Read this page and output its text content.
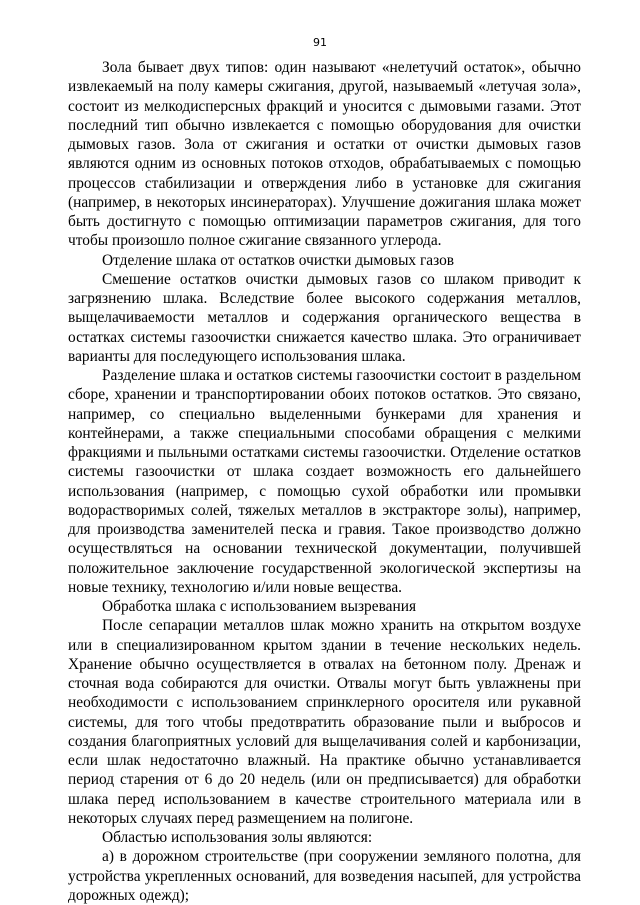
91

Зола бывает двух типов: один называют «нелетучий остаток», обычно извлекаемый на полу камеры сжигания, другой, называемый «летучая зола», состоит из мелкодисперсных фракций и уносится с дымовыми газами. Этот последний тип обычно извлекается с помощью оборудования для очистки дымовых газов. Зола от сжигания и остатки от очистки дымовых газов являются одним из основных потоков отходов, обрабатываемых с помощью процессов стабилизации и отверждения либо в установке для сжигания (например, в некоторых инсинераторах). Улучшение дожигания шлака может быть достигнуто с помощью оптимизации параметров сжигания, для того чтобы произошло полное сжигание связанного углерода.

Отделение шлака от остатков очистки дымовых газов

Смешение остатков очистки дымовых газов со шлаком приводит к загрязнению шлака. Вследствие более высокого содержания металлов, выщелачиваемости металлов и содержания органического вещества в остатках системы газоочистки снижается качество шлака. Это ограничивает варианты для последующего использования шлака.

Разделение шлака и остатков системы газоочистки состоит в раздельном сборе, хранении и транспортировании обоих потоков остатков. Это связано, например, со специально выделенными бункерами для хранения и контейнерами, а также специальными способами обращения с мелкими фракциями и пыльными остатками системы газоочистки. Отделение остатков системы газоочистки от шлака создает возможность его дальнейшего использования (например, с помощью сухой обработки или промывки водорастворимых солей, тяжелых металлов в экстракторе золы), например, для производства заменителей песка и гравия. Такое производство должно осуществляться на основании технической документации, получившей положительное заключение государственной экологической экспертизы на новые технику, технологию и/или новые вещества.

Обработка шлака с использованием вызревания

После сепарации металлов шлак можно хранить на открытом воздухе или в специализированном крытом здании в течение нескольких недель. Хранение обычно осуществляется в отвалах на бетонном полу. Дренаж и сточная вода собираются для очистки. Отвалы могут быть увлажнены при необходимости с использованием спринклерного оросителя или рукавной системы, для того чтобы предотвратить образование пыли и выбросов и создания благоприятных условий для выщелачивания солей и карбонизации, если шлак недостаточно влажный. На практике обычно устанавливается период старения от 6 до 20 недель (или он предписывается) для обработки шлака перед использованием в качестве строительного материала или в некоторых случаях перед размещением на полигоне.

Областью использования золы являются:

а) в дорожном строительстве (при сооружении земляного полотна, для устройства укрепленных оснований, для возведения насыпей, для устройства дорожных одежд);
